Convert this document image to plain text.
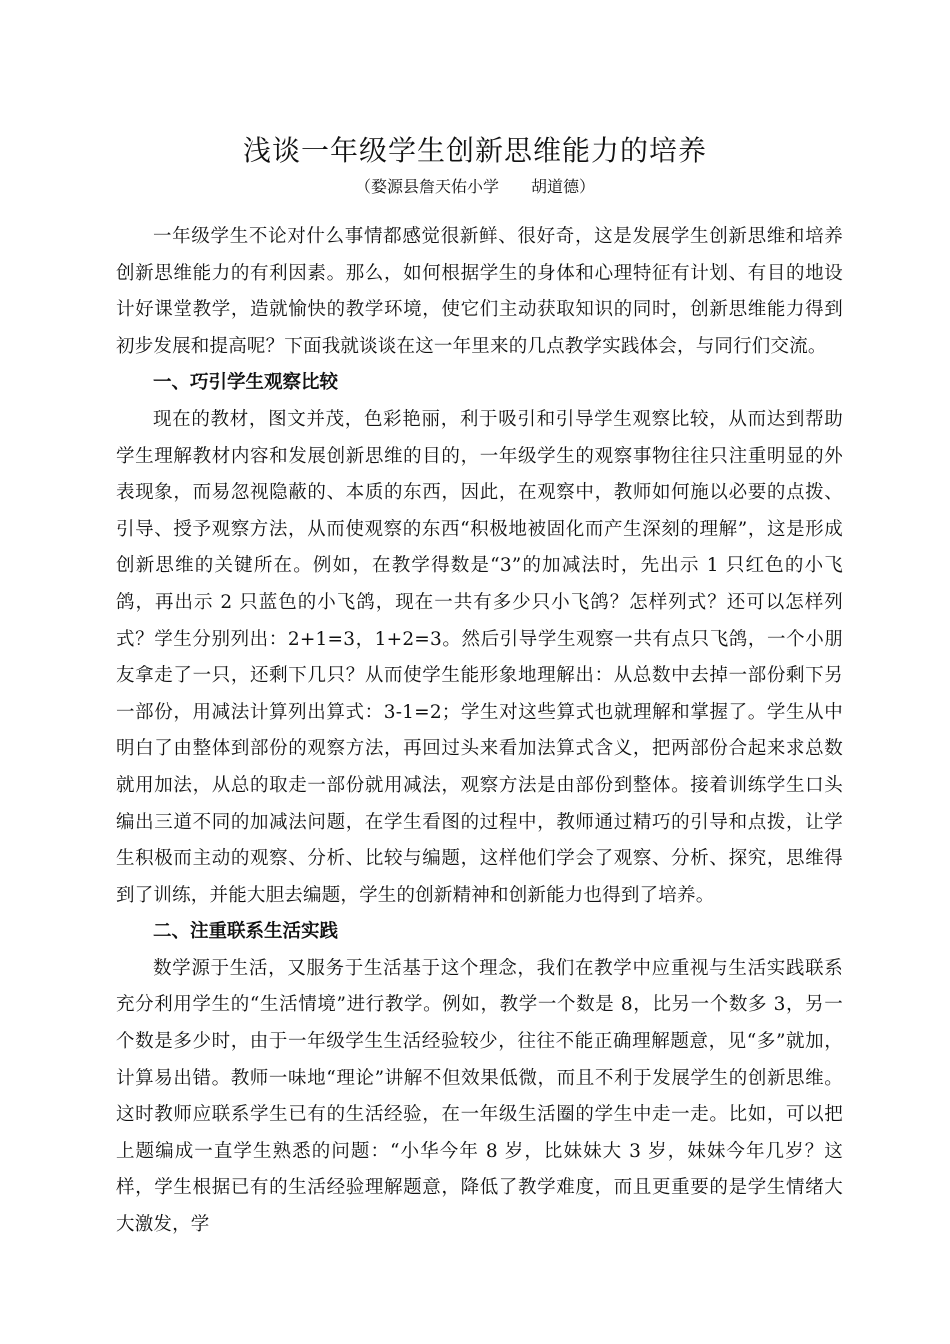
浅谈一年级学生创新思维能力的培养
（婺源县詹天佑小学　　胡道德）

一年级学生不论对什么事情都感觉很新鲜、很好奇，这是发展学生创新思维和培养创新思维能力的有利因素。那么，如何根据学生的身体和心理特征有计划、有目的地设计好课堂教学，造就愉快的教学环境，使它们主动获取知识的同时，创新思维能力得到初步发展和提高呢？下面我就谈谈在这一年里来的几点教学实践体会，与同行们交流。

一、巧引学生观察比较

现在的教材，图文并茂，色彩艳丽，利于吸引和引导学生观察比较，从而达到帮助学生理解教材内容和发展创新思维的目的，一年级学生的观察事物往往只注重明显的外表现象，而易忽视隐蔽的、本质的东西，因此，在观察中，教师如何施以必要的点拨、引导、授予观察方法，从而使观察的东西“积极地被固化而产生深刻的理解”，这是形成创新思维的关键所在。例如，在教学得数是“3”的加减法时，先出示 1 只红色的小飞鸽，再出示 2 只蓝色的小飞鸽，现在一共有多少只小飞鸽？怎样列式？还可以怎样列式？学生分别列出：2+1=3，1+2=3。然后引导学生观察一共有点只飞鸽，一个小朋友拿走了一只，还剩下几只？从而使学生能形象地理解出：从总数中去掉一部份剩下另一部份，用减法计算列出算式：3-1=2；学生对这些算式也就理解和掌握了。学生从中明白了由整体到部份的观察方法，再回过头来看加法算式含义，把两部份合起来求总数就用加法，从总的取走一部份就用减法，观察方法是由部份到整体。接着训练学生口头编出三道不同的加减法问题，在学生看图的过程中，教师通过精巧的引导和点拨，让学生积极而主动的观察、分析、比较与编题，这样他们学会了观察、分析、探究，思维得到了训练，并能大胆去编题，学生的创新精神和创新能力也得到了培养。

二、注重联系生活实践

数学源于生活，又服务于生活基于这个理念，我们在教学中应重视与生活实践联系充分利用学生的“生活情境”进行教学。例如，教学一个数是 8，比另一个数多 3，另一个数是多少时，由于一年级学生生活经验较少，往往不能正确理解题意，见“多”就加，计算易出错。教师一味地“理论”讲解不但效果低微，而且不利于发展学生的创新思维。这时教师应联系学生已有的生活经验，在一年级生活圈的学生中走一走。比如，可以把上题编成一直学生熟悉的问题：“小华今年 8 岁，比妹妹大 3 岁，妹妹今年几岁？这样，学生根据已有的生活经验理解题意，降低了教学难度，而且更重要的是学生情绪大大激发，学
